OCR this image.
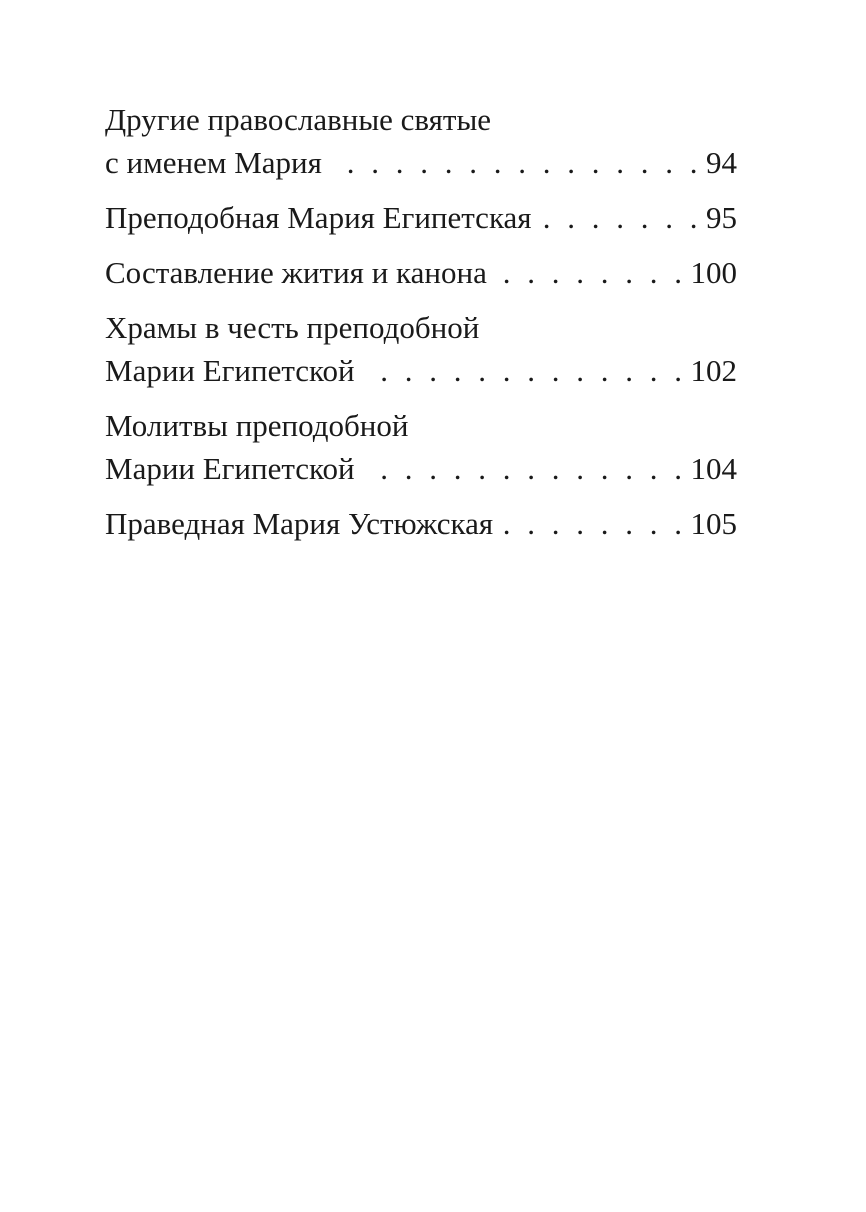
Другие православные святые
с именем Мария . . .	94
Преподобная Мария Египетская . . .	95
Составление жития и канона . . .	100
Храмы в честь преподобной
Марии Египетской . . .	102
Молитвы преподобной
Марии Египетской . . .	104
Праведная Мария Устюжская . . .	105
